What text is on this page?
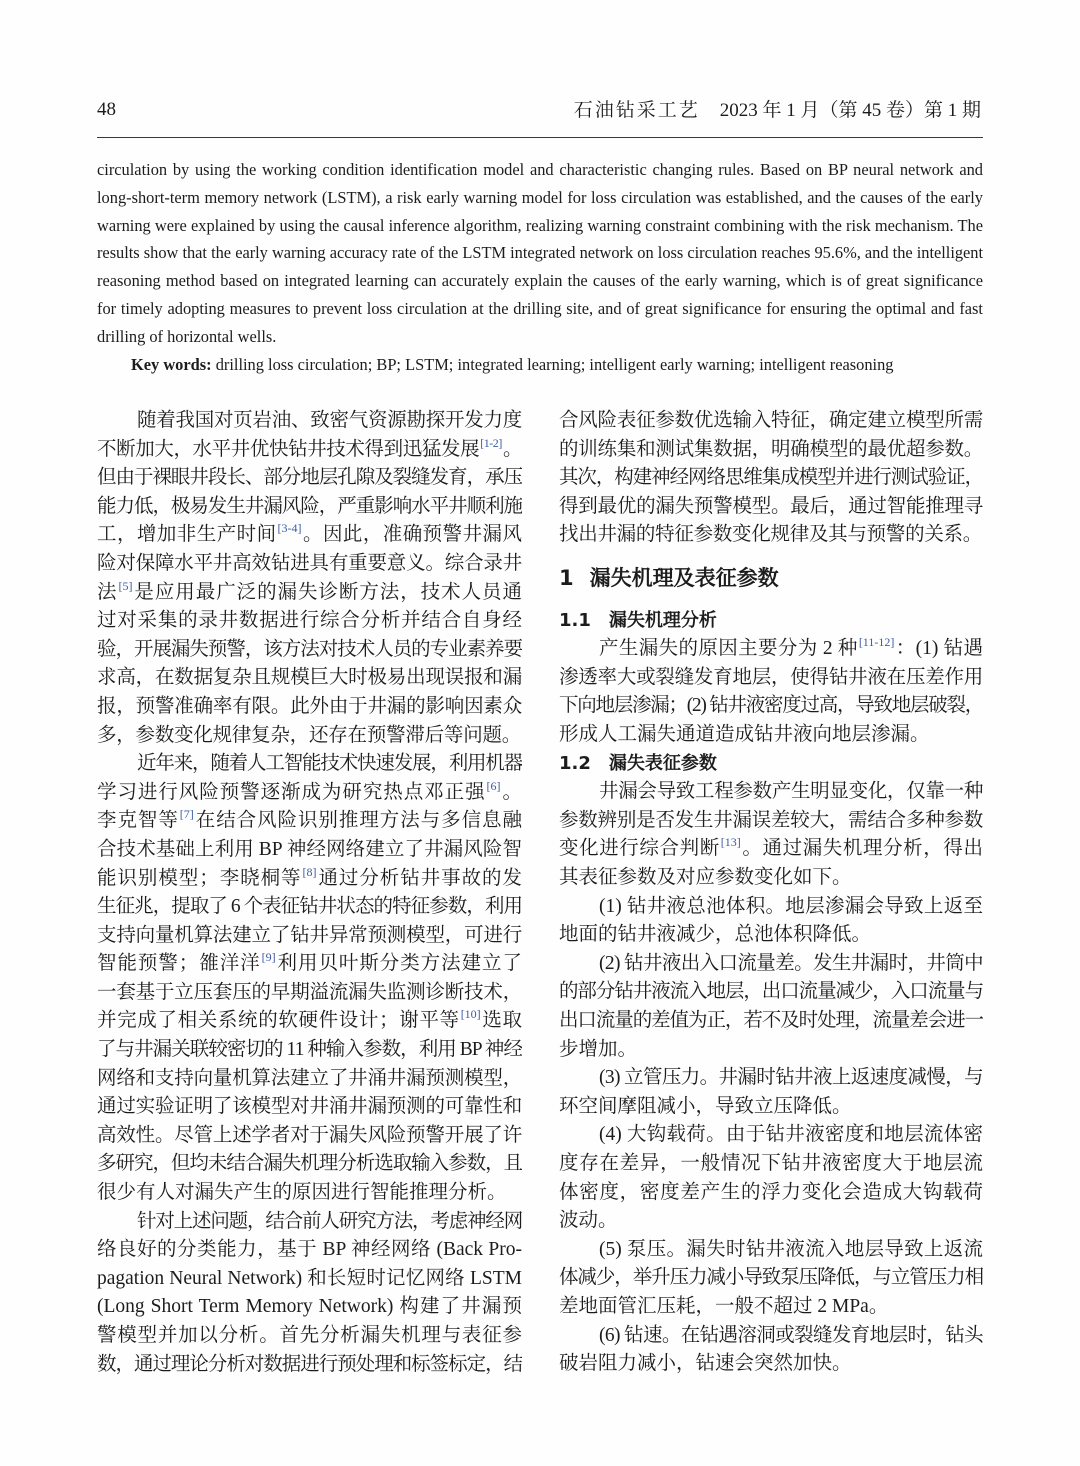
48	石油钻采工艺 2023 年 1 月（第 45 卷）第 1 期
circulation by using the working condition identification model and characteristic changing rules. Based on BP neural network and
long-short-term memory network (LSTM), a risk early warning model for loss circulation was established, and the causes of the early
warning were explained by using the causal inference algorithm, realizing warning constraint combining with the risk mechanism. The
results show that the early warning accuracy rate of the LSTM integrated network on loss circulation reaches 95.6%, and the intelligent
reasoning method based on integrated learning can accurately explain the causes of the early warning, which is of great significance
for timely adopting measures to prevent loss circulation at the drilling site, and of great significance for ensuring the optimal and fast
drilling of horizontal wells.
Key words: drilling loss circulation; BP; LSTM; integrated learning; intelligent early warning; intelligent reasoning
随着我国对页岩油、致密气资源勘探开发力度
不断加大，水平井优快钻井技术得到迅猛发展[1-2]。
但由于裸眼井段长、部分地层孔隙及裂缝发育，承压
能力低，极易发生井漏风险，严重影响水平井顺利施
工，增加非生产时间[3-4]。因此，准确预警井漏风
险对保障水平井高效钻进具有重要意义。综合录井
法[5]是应用最广泛的漏失诊断方法，技术人员通
过对采集的录井数据进行综合分析并结合自身经
验，开展漏失预警，该方法对技术人员的专业素养要
求高，在数据复杂且规模巨大时极易出现误报和漏
报，预警准确率有限。此外由于井漏的影响因素众
多，参数变化规律复杂，还存在预警滞后等问题。
近年来，随着人工智能技术快速发展，利用机器
学习进行风险预警逐渐成为研究热点邓正强[6]。
李克智等[7]在结合风险识别推理方法与多信息融
合技术基础上利用 BP 神经网络建立了井漏风险智
能识别模型；李晓桐等[8]通过分析钻井事故的发
生征兆，提取了 6 个表征钻井状态的特征参数，利用
支持向量机算法建立了钻井异常预测模型，可进行
智能预警；雒洋洋[9]利用贝叶斯分类方法建立了
一套基于立压套压的早期溢流漏失监测诊断技术，
并完成了相关系统的软硬件设计；谢平等[10]选取
了与井漏关联较密切的 11 种输入参数，利用 BP 神经
网络和支持向量机算法建立了井涌井漏预测模型，
通过实验证明了该模型对井涌井漏预测的可靠性和
高效性。尽管上述学者对于漏失风险预警开展了许
多研究，但均未结合漏失机理分析选取输入参数，且
很少有人对漏失产生的原因进行智能推理分析。
针对上述问题，结合前人研究方法，考虑神经网
络良好的分类能力，基于 BP 神经网络 (Back Pro-
pagation Neural Network) 和长短时记忆网络 LSTM
(Long Short Term Memory Network) 构建了井漏预
警模型并加以分析。首先分析漏失机理与表征参
数，通过理论分析对数据进行预处理和标签标定，结
合风险表征参数优选输入特征，确定建立模型所需
的训练集和测试集数据，明确模型的最优超参数。
其次，构建神经网络思维集成模型并进行测试验证，
得到最优的漏失预警模型。最后，通过智能推理寻
找出井漏的特征参数变化规律及其与预警的关系。
1 漏失机理及表征参数
1.1 漏失机理分析
产生漏失的原因主要分为 2 种[11-12]：(1) 钻遇
渗透率大或裂缝发育地层，使得钻井液在压差作用
下向地层渗漏；(2) 钻井液密度过高，导致地层破裂，
形成人工漏失通道造成钻井液向地层渗漏。
1.2 漏失表征参数
井漏会导致工程参数产生明显变化，仅靠一种
参数辨别是否发生井漏误差较大，需结合多种参数
变化进行综合判断[13]。通过漏失机理分析，得出
其表征参数及对应参数变化如下。
(1) 钻井液总池体积。地层渗漏会导致上返至
地面的钻井液减少，总池体积降低。
(2) 钻井液出入口流量差。发生井漏时，井筒中
的部分钻井液流入地层，出口流量减少，入口流量与
出口流量的差值为正，若不及时处理，流量差会进一
步增加。
(3) 立管压力。井漏时钻井液上返速度减慢，与
环空间摩阻减小，导致立压降低。
(4) 大钩载荷。由于钻井液密度和地层流体密
度存在差异，一般情况下钻井液密度大于地层流
体密度，密度差产生的浮力变化会造成大钩载荷
波动。
(5) 泵压。漏失时钻井液流入地层导致上返流
体减少，举升压力减小导致泵压降低，与立管压力相
差地面管汇压耗，一般不超过 2 MPa。
(6) 钻速。在钻遇溶洞或裂缝发育地层时，钻头
破岩阻力减小，钻速会突然加快。
